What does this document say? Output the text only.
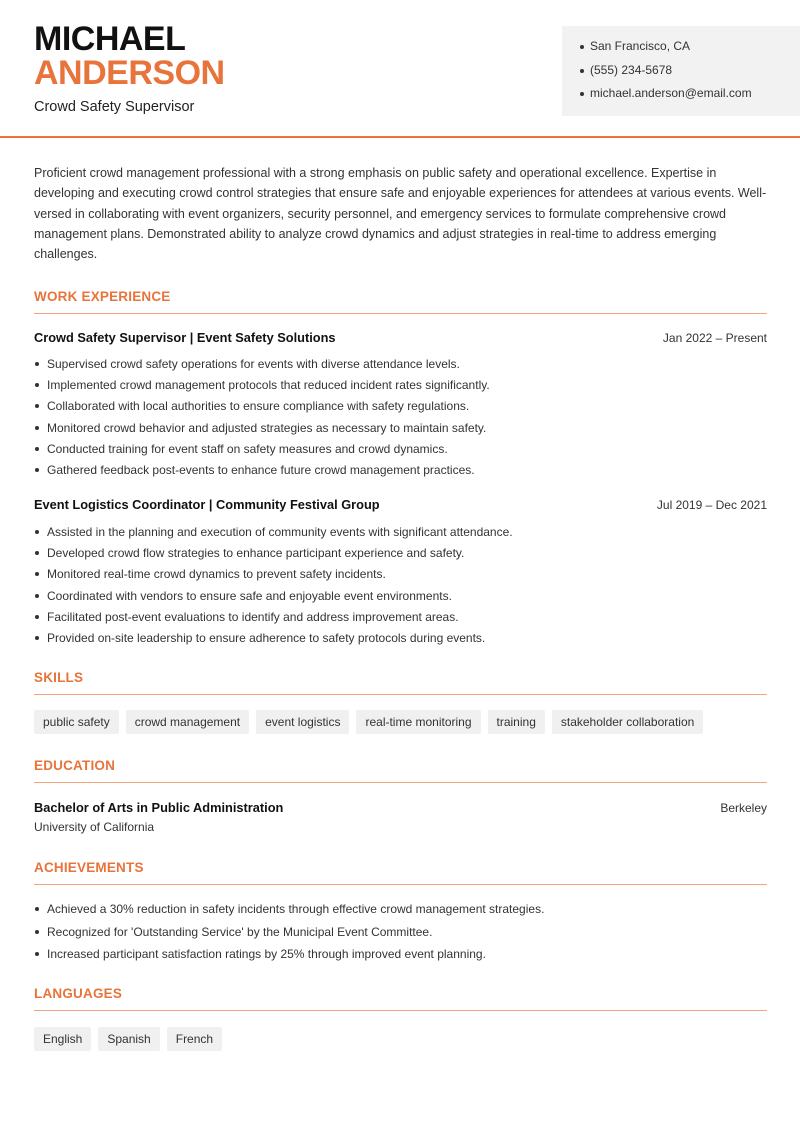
MICHAEL
ANDERSON
Crowd Safety Supervisor
San Francisco, CA
(555) 234-5678
michael.anderson@email.com
Proficient crowd management professional with a strong emphasis on public safety and operational excellence. Expertise in developing and executing crowd control strategies that ensure safe and enjoyable experiences for attendees at various events. Well-versed in collaborating with event organizers, security personnel, and emergency services to formulate comprehensive crowd management plans. Demonstrated ability to analyze crowd dynamics and adjust strategies in real-time to address emerging challenges.
WORK EXPERIENCE
Crowd Safety Supervisor | Event Safety Solutions	Jan 2022 – Present
Supervised crowd safety operations for events with diverse attendance levels.
Implemented crowd management protocols that reduced incident rates significantly.
Collaborated with local authorities to ensure compliance with safety regulations.
Monitored crowd behavior and adjusted strategies as necessary to maintain safety.
Conducted training for event staff on safety measures and crowd dynamics.
Gathered feedback post-events to enhance future crowd management practices.
Event Logistics Coordinator | Community Festival Group	Jul 2019 – Dec 2021
Assisted in the planning and execution of community events with significant attendance.
Developed crowd flow strategies to enhance participant experience and safety.
Monitored real-time crowd dynamics to prevent safety incidents.
Coordinated with vendors to ensure safe and enjoyable event environments.
Facilitated post-event evaluations to identify and address improvement areas.
Provided on-site leadership to ensure adherence to safety protocols during events.
SKILLS
public safety	crowd management	event logistics	real-time monitoring	training	stakeholder collaboration
EDUCATION
Bachelor of Arts in Public Administration
University of California
Berkeley
ACHIEVEMENTS
Achieved a 30% reduction in safety incidents through effective crowd management strategies.
Recognized for 'Outstanding Service' by the Municipal Event Committee.
Increased participant satisfaction ratings by 25% through improved event planning.
LANGUAGES
English	Spanish	French
